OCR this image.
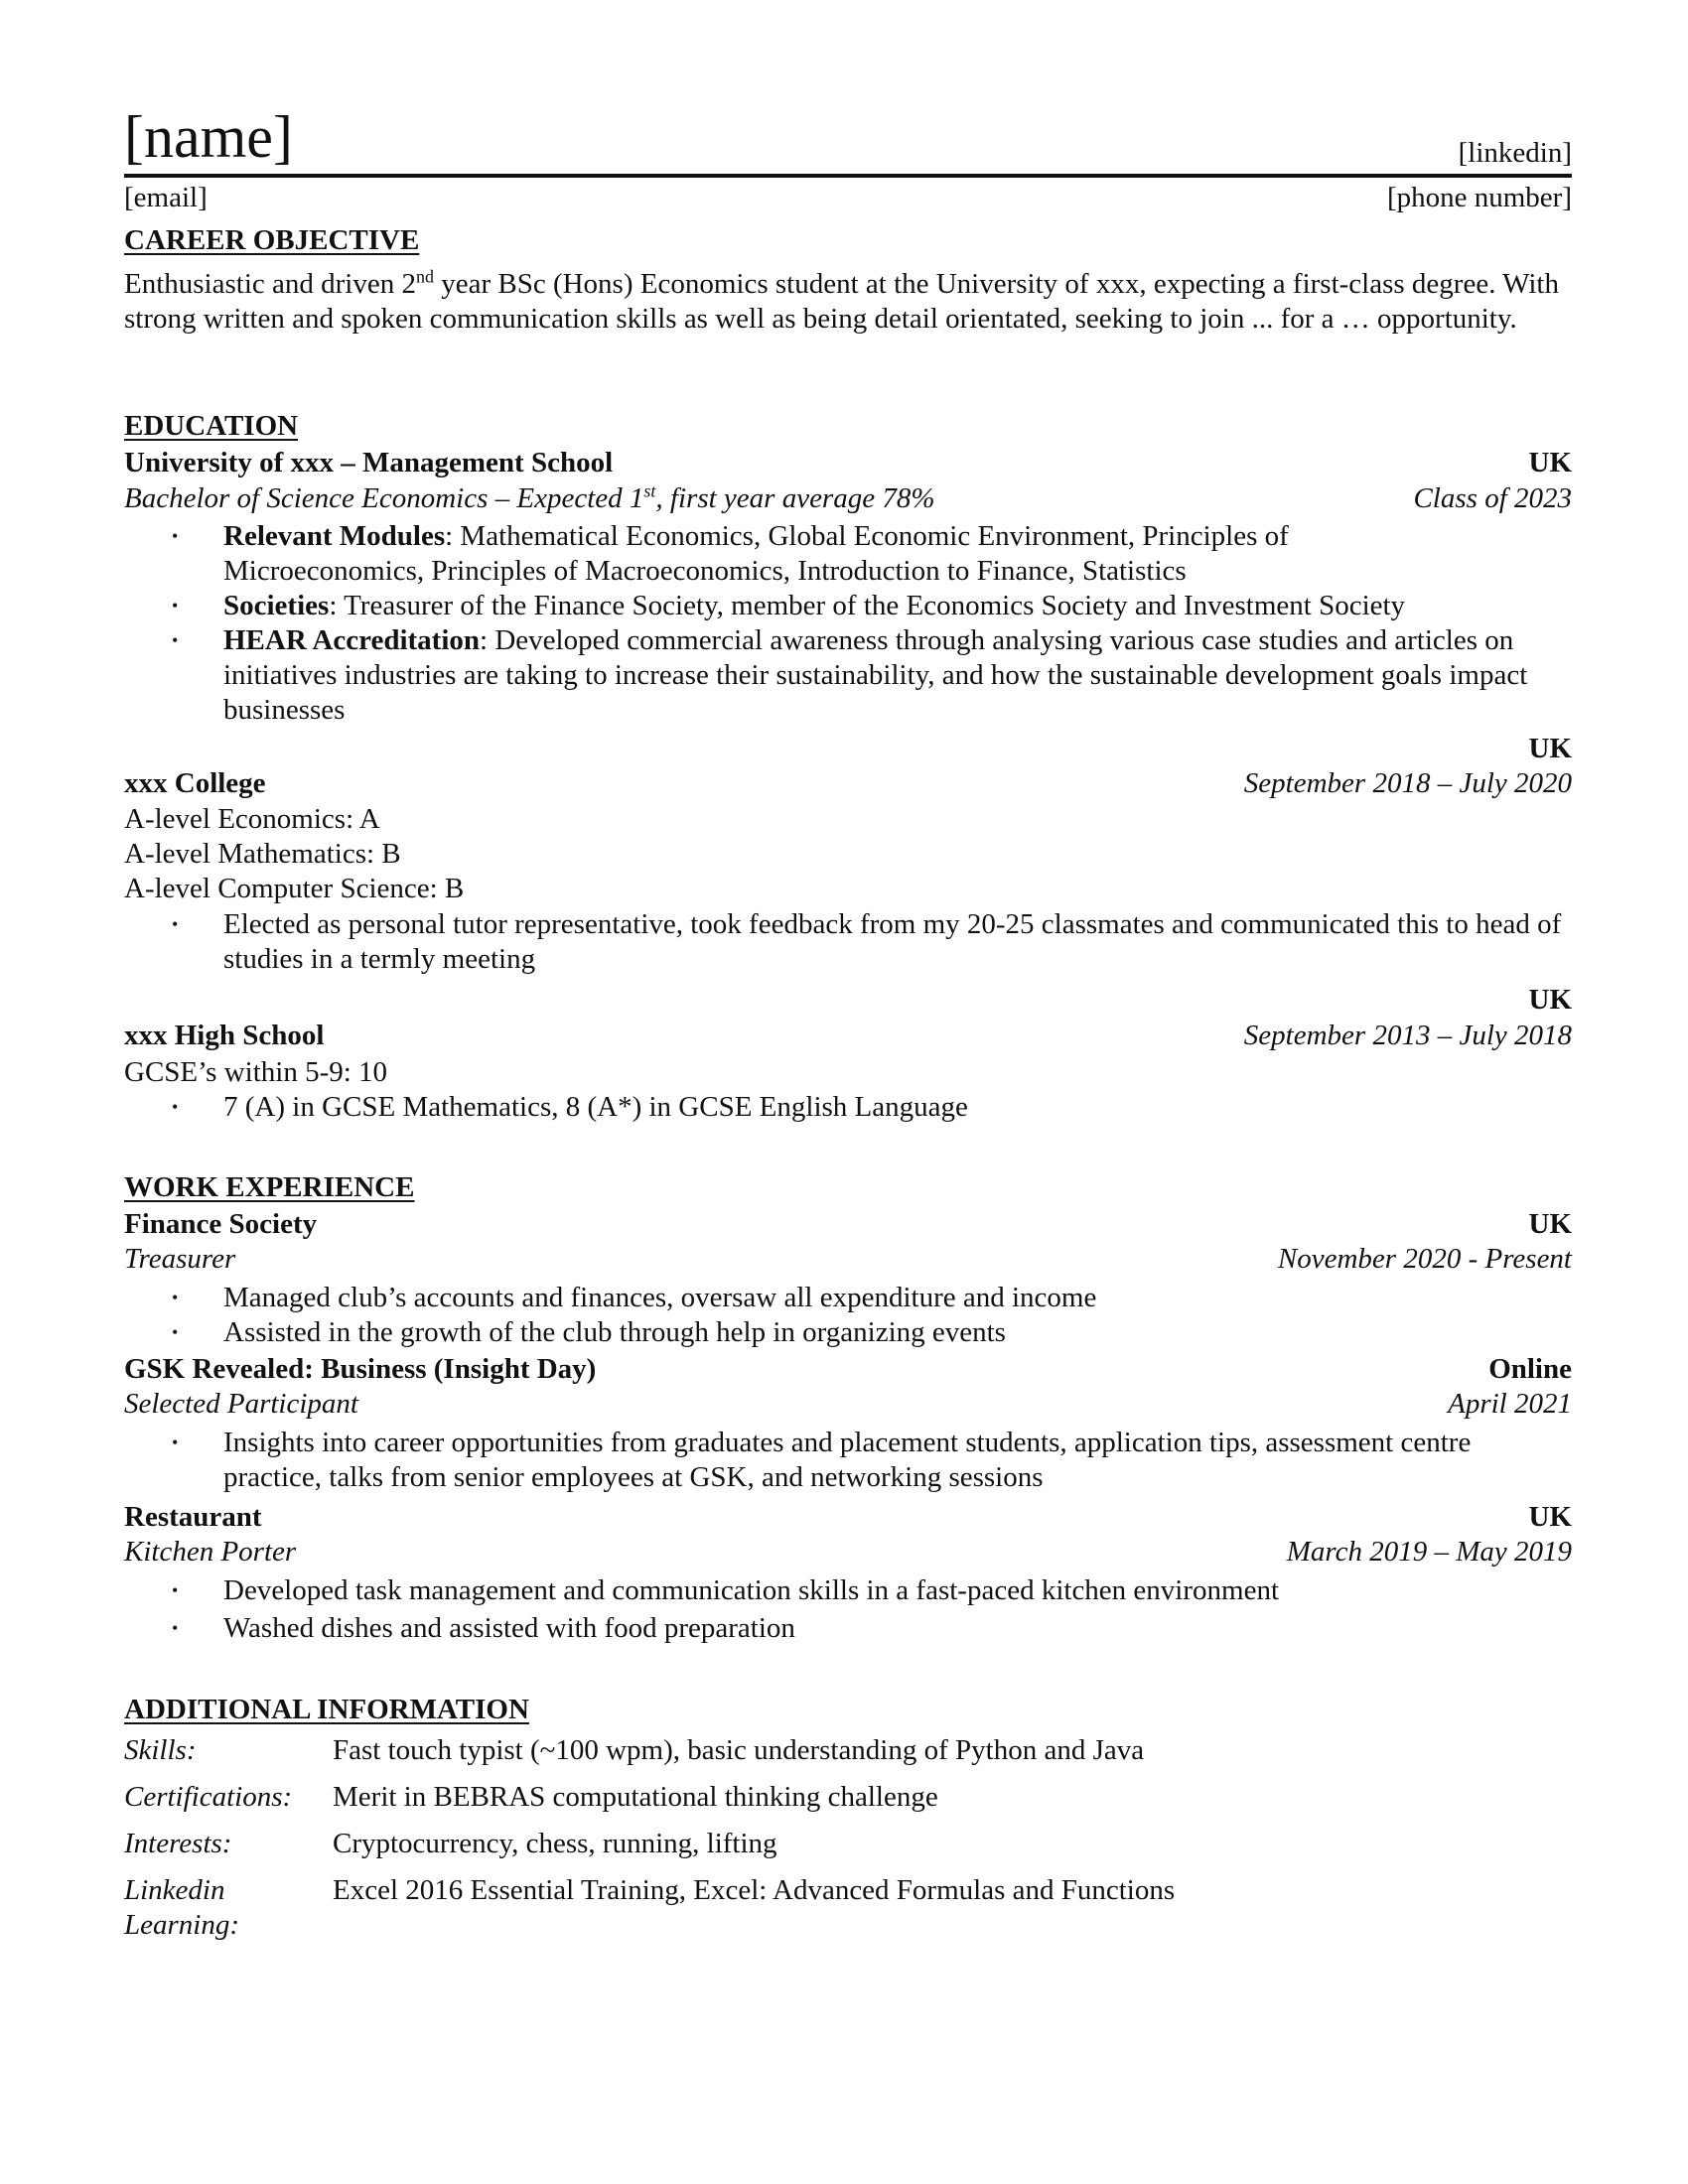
[name]	[linkedin]
[email]	[phone number]
CAREER OBJECTIVE
Enthusiastic and driven 2nd year BSc (Hons) Economics student at the University of xxx, expecting a first-class degree. With strong written and spoken communication skills as well as being detail orientated, seeking to join ... for a … opportunity.
EDUCATION
University of xxx – Management School	UK
Bachelor of Science Economics – Expected 1st, first year average 78%	Class of 2023
• Relevant Modules: Mathematical Economics, Global Economic Environment, Principles of Microeconomics, Principles of Macroeconomics, Introduction to Finance, Statistics
• Societies: Treasurer of the Finance Society, member of the Economics Society and Investment Society
• HEAR Accreditation: Developed commercial awareness through analysing various case studies and articles on initiatives industries are taking to increase their sustainability, and how the sustainable development goals impact businesses
UK
xxx College	September 2018 – July 2020
A-level Economics: A
A-level Mathematics: B
A-level Computer Science: B
• Elected as personal tutor representative, took feedback from my 20-25 classmates and communicated this to head of studies in a termly meeting
UK
xxx High School	September 2013 – July 2018
GCSE’s within 5-9: 10
• 7 (A) in GCSE Mathematics, 8 (A*) in GCSE English Language
WORK EXPERIENCE
Finance Society	UK
Treasurer	November 2020 - Present
• Managed club’s accounts and finances, oversaw all expenditure and income
• Assisted in the growth of the club through help in organizing events
GSK Revealed: Business (Insight Day)	Online
Selected Participant	April 2021
• Insights into career opportunities from graduates and placement students, application tips, assessment centre practice, talks from senior employees at GSK, and networking sessions
Restaurant	UK
Kitchen Porter	March 2019 – May 2019
• Developed task management and communication skills in a fast-paced kitchen environment
• Washed dishes and assisted with food preparation
ADDITIONAL INFORMATION
Skills:	Fast touch typist (~100 wpm), basic understanding of Python and Java
Certifications: Merit in BEBRAS computational thinking challenge
Interests:	Cryptocurrency, chess, running, lifting
Linkedin
Learning:
Excel 2016 Essential Training, Excel: Advanced Formulas and Functions
